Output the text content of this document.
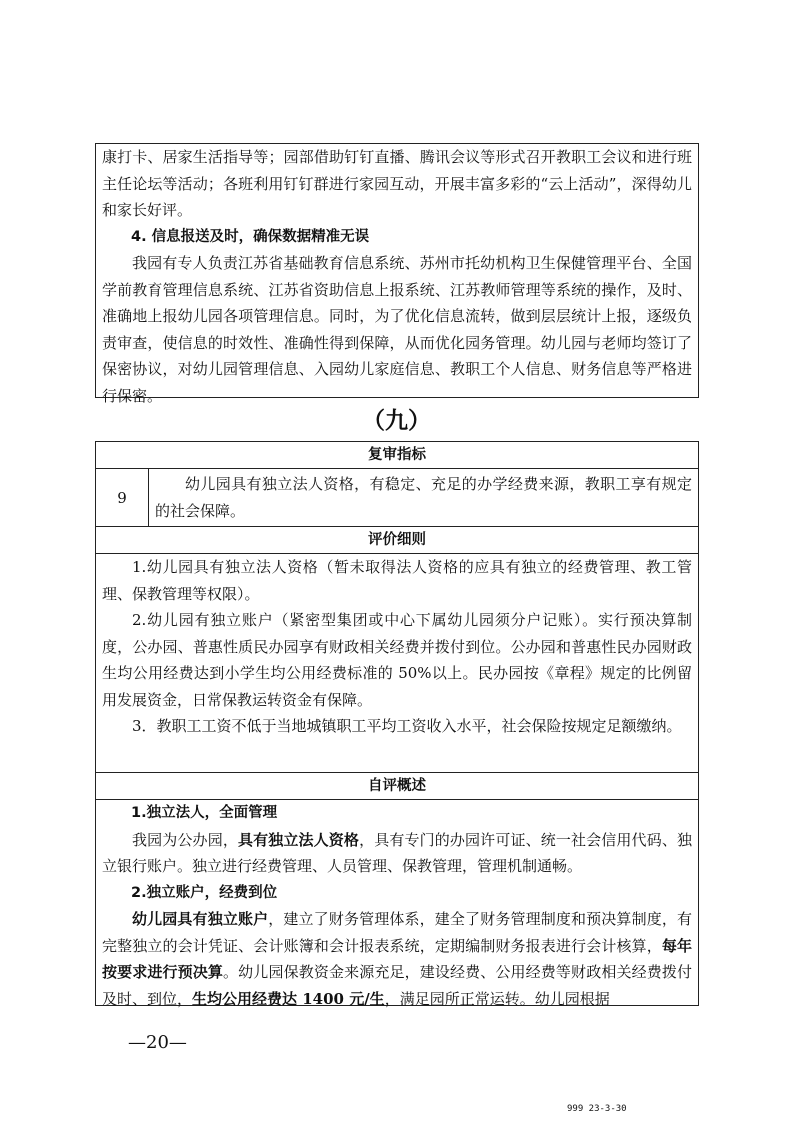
康打卡、居家生活指导等；园部借助钉钉直播、腾讯会议等形式召开教职工会议和进行班主任论坛等活动；各班利用钉钉群进行家园互动，开展丰富多彩的“云上活动”，深得幼儿和家长好评。

4. 信息报送及时，确保数据精准无误

我园有专人负责江苏省基础教育信息系统、苏州市托幼机构卫生保健管理平台、全国学前教育管理信息系统、江苏省资助信息上报系统、江苏教师管理等系统的操作，及时、准确地上报幼儿园各项管理信息。同时，为了优化信息流转，做到层层统计上报，逐级负责审查，使信息的时效性、准确性得到保障，从而优化园务管理。幼儿园与老师均签订了保密协议，对幼儿园管理信息、入园幼儿家庭信息、教职工个人信息、财务信息等严格进行保密。

（九）
复审指标
9

幼儿园具有独立法人资格，有稳定、充足的办学经费来源，教职工享有规定的社会保障。

评价细则

1.幼儿园具有独立法人资格（暂未取得法人资格的应具有独立的经费管理、教工管理、保教管理等权限）。

2.幼儿园有独立账户（紧密型集团或中心下属幼儿园须分户记账）。实行预决算制度，公办园、普惠性质民办园享有财政相关经费并拨付到位。公办园和普惠性民办园财政生均公用经费达到小学生均公用经费标准的 50%以上。民办园按《章程》规定的比例留用发展资金，日常保教运转资金有保障。

3．教职工工资不低于当地城镇职工平均工资收入水平，社会保险按规定足额缴纳。

自评概述

1.独立法人，全面管理

我园为公办园，具有独立法人资格，具有专门的办园许可证、统一社会信用代码、独立银行账户。独立进行经费管理、人员管理、保教管理，管理机制通畅。

2.独立账户，经费到位

幼儿园具有独立账户，建立了财务管理体系，建全了财务管理制度和预决算制度，有完整独立的会计凭证、会计账簿和会计报表系统，定期编制财务报表进行会计核算，每年按要求进行预决算。幼儿园保教资金来源充足，建设经费、公用经费等财政相关经费拨付及时、到位，生均公用经费达 1400 元/生，满足园所正常运转。幼儿园根据

—20—
999 23-3-30
